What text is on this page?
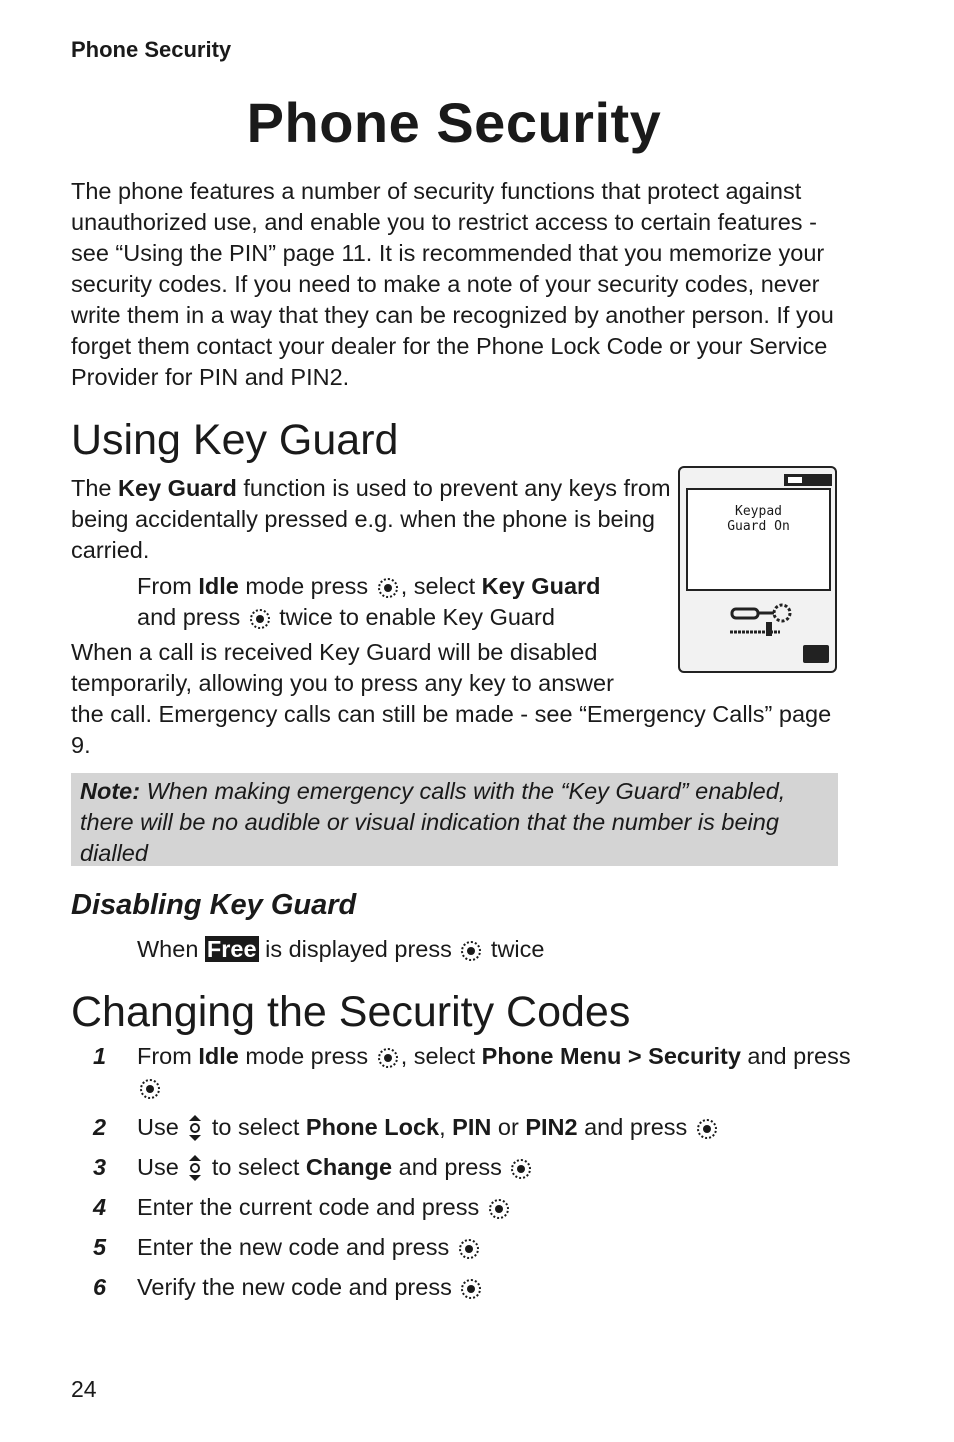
Phone Security
Phone Security
The phone features a number of security functions that protect against unauthorized use, and enable you to restrict access to certain features - see “Using the PIN” page 11. It is recommended that you memorize your security codes. If you need to make a note of your security codes, never write them in a way that they can be recognized by another person. If you forget them contact your dealer for the Phone Lock Code or your Service Provider for PIN and PIN2.
Using Key Guard
The Key Guard function is used to prevent any keys from being accidentally pressed e.g. when the phone is being carried.
From Idle mode press , select Key Guard
and press  twice to enable Key Guard
When a call is received Key Guard will be disabled temporarily, allowing you to press any key to answer
the call. Emergency calls can still be made - see “Emergency Calls” page 9.
Keypad
Guard On
Note: When making emergency calls with the “Key Guard” enabled, there will be no audible or visual indication that the number is being dialled
Disabling Key Guard
When Free is displayed press  twice
Changing the Security Codes
1	From Idle mode press , select Phone Menu > Security and press
2	Use
to select Phone Lock, PIN or PIN2 and press
3	Use
to select Change and press
4	Enter the current code and press
5	Enter the new code and press
6	Verify the new code and press
24
